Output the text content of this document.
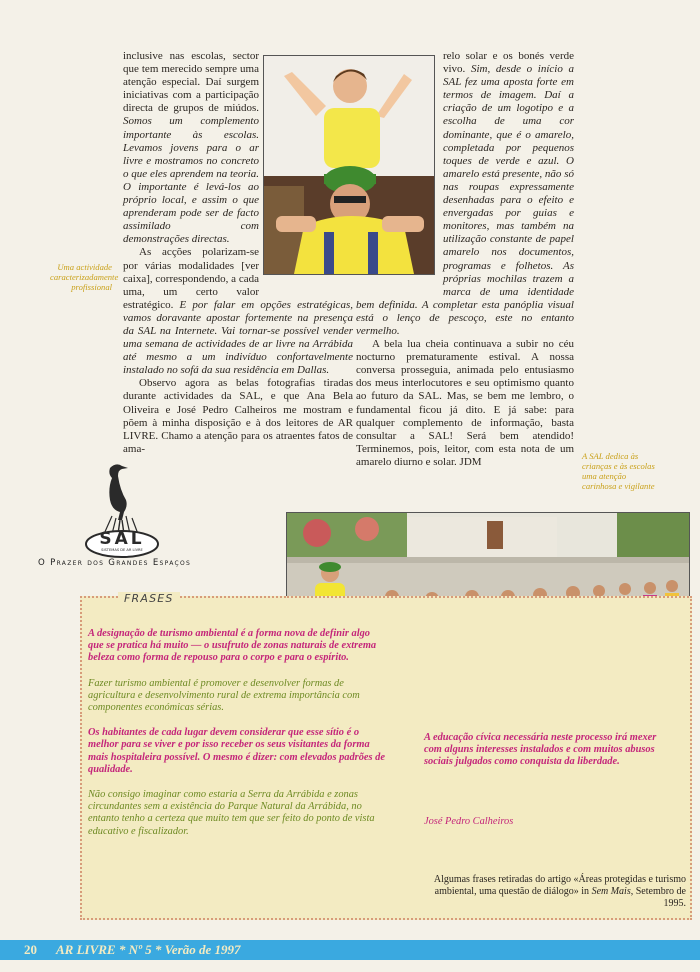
inclusive nas escolas, sector que tem merecido sempre uma atenção especial. Daí surgem iniciativas com a participação directa de grupos de miúdos. Somos um complemento importante às escolas. Levamos jovens para o ar livre e mostramos no concreto o que eles aprendem na teoria. O importante é levá-los ao próprio local, e assim o que aprenderam pode ser de facto assimilado com demonstrações directas.

As acções polarizam-se por várias modalidades [ver caixa], correspondendo, a cada uma, um certo valor estratégico. E por falar em opções estratégicas, vamos doravante apostar fortemente na presença da SAL na Internete. Vai tornar-se possível vender uma semana de actividades de ar livre na Arrábida até mesmo a um indivíduo confortavelmente instalado no sofá da sua residência em Dallas.

Observo agora as belas fotografias tiradas durante actividades da SAL, e que Ana Bela Oliveira e José Pedro Calheiros me mostram e põem à minha disposição e à dos leitores de AR LIVRE. Chamo a atenção para os atraentes fatos de ama-

relo solar e os bonés verde vivo. Sim, desde o início a SAL fez uma aposta forte em termos de imagem. Daí a criação de um logotipo e a escolha de uma cor dominante, que é o amarelo, completada por pequenos toques de verde e azul. O amarelo está presente, não só nas roupas expressamente desenhadas para o efeito e envergadas por guias e monitores, mas também na utilização constante de papel amarelo nos documentos, programas e folhetos. As próprias mochilas trazem a marca de uma identidade bem definida. A completar esta panóplia visual está o lenço de pescoço, este no entanto vermelho.

A bela lua cheia continuava a subir no céu nocturno prematuramente estival. A nossa conversa prosseguia, animada pelo entusiasmo dos meus interlocutores e seu optimismo quanto ao futuro da SAL. Mas, se bem me lembro, o fundamental ficou já dito. E já sabe: para qualquer complemento de informação, basta consultar a SAL! Será bem atendido! Terminemos, pois, leitor, com esta nota de um amarelo diurno e solar. JDM

Uma actividade caracterizadamente profissional
A SAL dedica às crianças e às escolas uma atenção carinhosa e vigilante
SAL
SISTEMAS DE AR LIVRE
O Prazer dos Grandes Espaços
FRASES
A designação de turismo ambiental é a forma nova de definir algo que se pratica há muito — o usufruto de zonas naturais de extrema beleza como forma de repouso para o corpo e para o espírito.
Fazer turismo ambiental é promover e desenvolver formas de agricultura e desenvolvimento rural de extrema importância com componentes económicas sérias.
Os habitantes de cada lugar devem considerar que esse sítio é o melhor para se viver e por isso receber os seus visitantes da forma mais hospitaleira possível. O mesmo é dizer: com elevados padrões de qualidade.
Não consigo imaginar como estaria a Serra da Arrábida e zonas circundantes sem a existência do Parque Natural da Arrábida, no entanto tenho a certeza que muito tem que ser feito do ponto de vista educativo e fiscalizador.
A educação cívica necessária neste processo irá mexer com alguns interesses instalados e com muitos abusos sociais julgados como conquista da liberdade.
José Pedro Calheiros
Algumas frases retiradas do artigo «Áreas protegidas e turismo ambiental, uma questão de diálogo» in Sem Mais, Setembro de 1995.
20 AR LIVRE * Nº 5 * Verão de 1997
